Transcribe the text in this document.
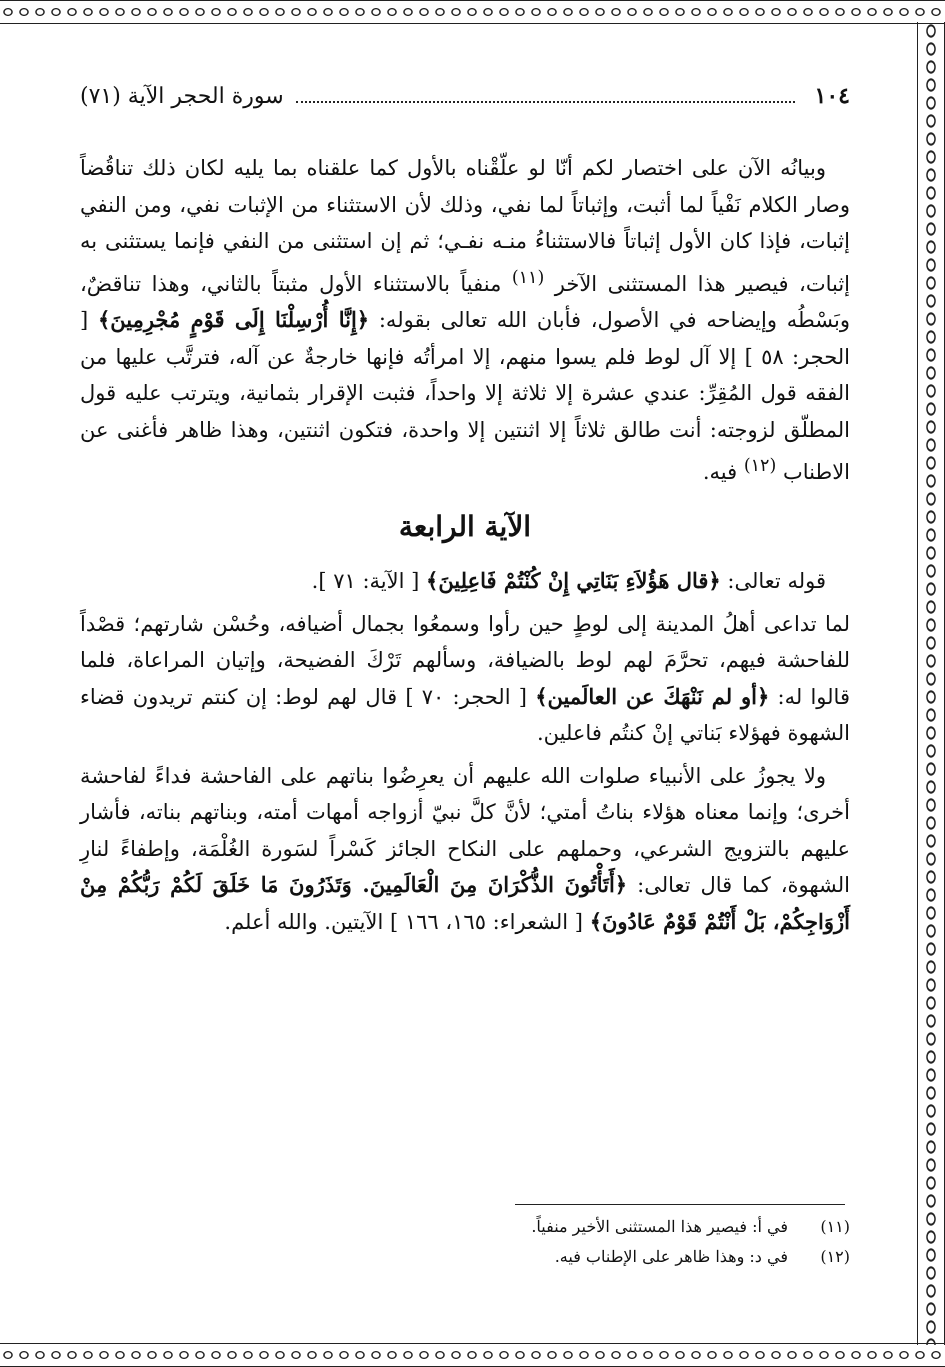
١٠٤
سورة الحجر الآية (٧١)

وبيانُه الآن على اختصار لكم أنّا لو علّقْناه بالأول كما علقناه بما يليه لكان ذلك تناقُضاً وصار الكلام نَفْياً لما أثبت، وإثباتاً لما نفي، وذلك لأن الاستثناء من الإثبات نفي، ومن النفي إثبات، فإذا كان الأول إثباتاً فالاستثناءُ منـه نفـي؛ ثم إن استثنى من النفي فإنما يستثنى به إثبات، فيصير هذا المستثنى الآخر $^{(١١)}$ منفياً بالاستثناء الأول مثبتاً بالثاني، وهذا تناقضٌ، وبَسْطُه وإيضاحه في الأصول، فأبان الله تعالى بقوله: ﴿إِنَّا أُرْسِلْنَا إِلَى قَوْمٍ مُجْرِمِينَ﴾ [ الحجر: ٥٨ ] إلا آل لوط فلم يسوا منهم، إلا امرأتُه فإنها خارجةٌ عن آله، فترتَّب عليها من الفقه قول المُقِرِّ: عندي عشرة إلا ثلاثة إلا واحداً، فثبت الإقرار بثمانية، ويترتب عليه قول المطلّق لزوجته: أنت طالق ثلاثاً إلا اثنتين إلا واحدة، فتكون اثنتين، وهذا ظاهر فأغنى عن الاطناب $^{(١٢)}$ فيه.

الآية الرابعة

قوله تعالى: ﴿قال هَؤُلاَءِ بَنَاتِي إِنْ كُنْتُمْ فَاعِلِينَ﴾ [ الآية: ٧١ ].

لما تداعى أهلُ المدينة إلى لوطٍ حين رأوا وسمعُوا بجمال أضيافه، وحُسْن شارتهم؛ قصْداً للفاحشة فيهم، تحرَّمَ لهم لوط بالضيافة، وسألهم تَرْكَ الفضيحة، وإتيان المراعاة، فلما قالوا له: ﴿أو لم نَنْهَكَ عن العالَمين﴾ [ الحجر: ٧٠ ] قال لهم لوط: إن كنتم تريدون قضاء الشهوة فهؤلاء بَناتي إنْ كنتُم فاعلين.

ولا يجوزُ على الأنبياء صلوات الله عليهم أن يعرِضُوا بناتهم على الفاحشة فداءً لفاحشة أخرى؛ وإنما معناه هؤلاء بناتُ أمتي؛ لأنَّ كلَّ نبيّ أزواجه أمهات أمته، وبناتهم بناته، فأشار عليهم بالتزويج الشرعي، وحملهم على النكاح الجائز كَسْراً لسَورة الغُلْمَة، وإطفاءً لنارِ الشهوة، كما قال تعالى: ﴿أَتَأْتُونَ الذُّكْرَانَ مِنَ الْعَالَمِينَ. وَتَذَرُونَ مَا خَلَقَ لَكُمْ رَبُّكُمْ مِنْ أَزْوَاجِكُمْ، بَلْ أَنْتُمْ قَوْمٌ عَادُونَ﴾ [ الشعراء: ١٦٥، ١٦٦ ] الآيتين. والله أعلم.

(١١)
في أ: فيصير هذا المستثنى الأخير منفياً.
(١٢)
في د: وهذا ظاهر على الإطناب فيه.
